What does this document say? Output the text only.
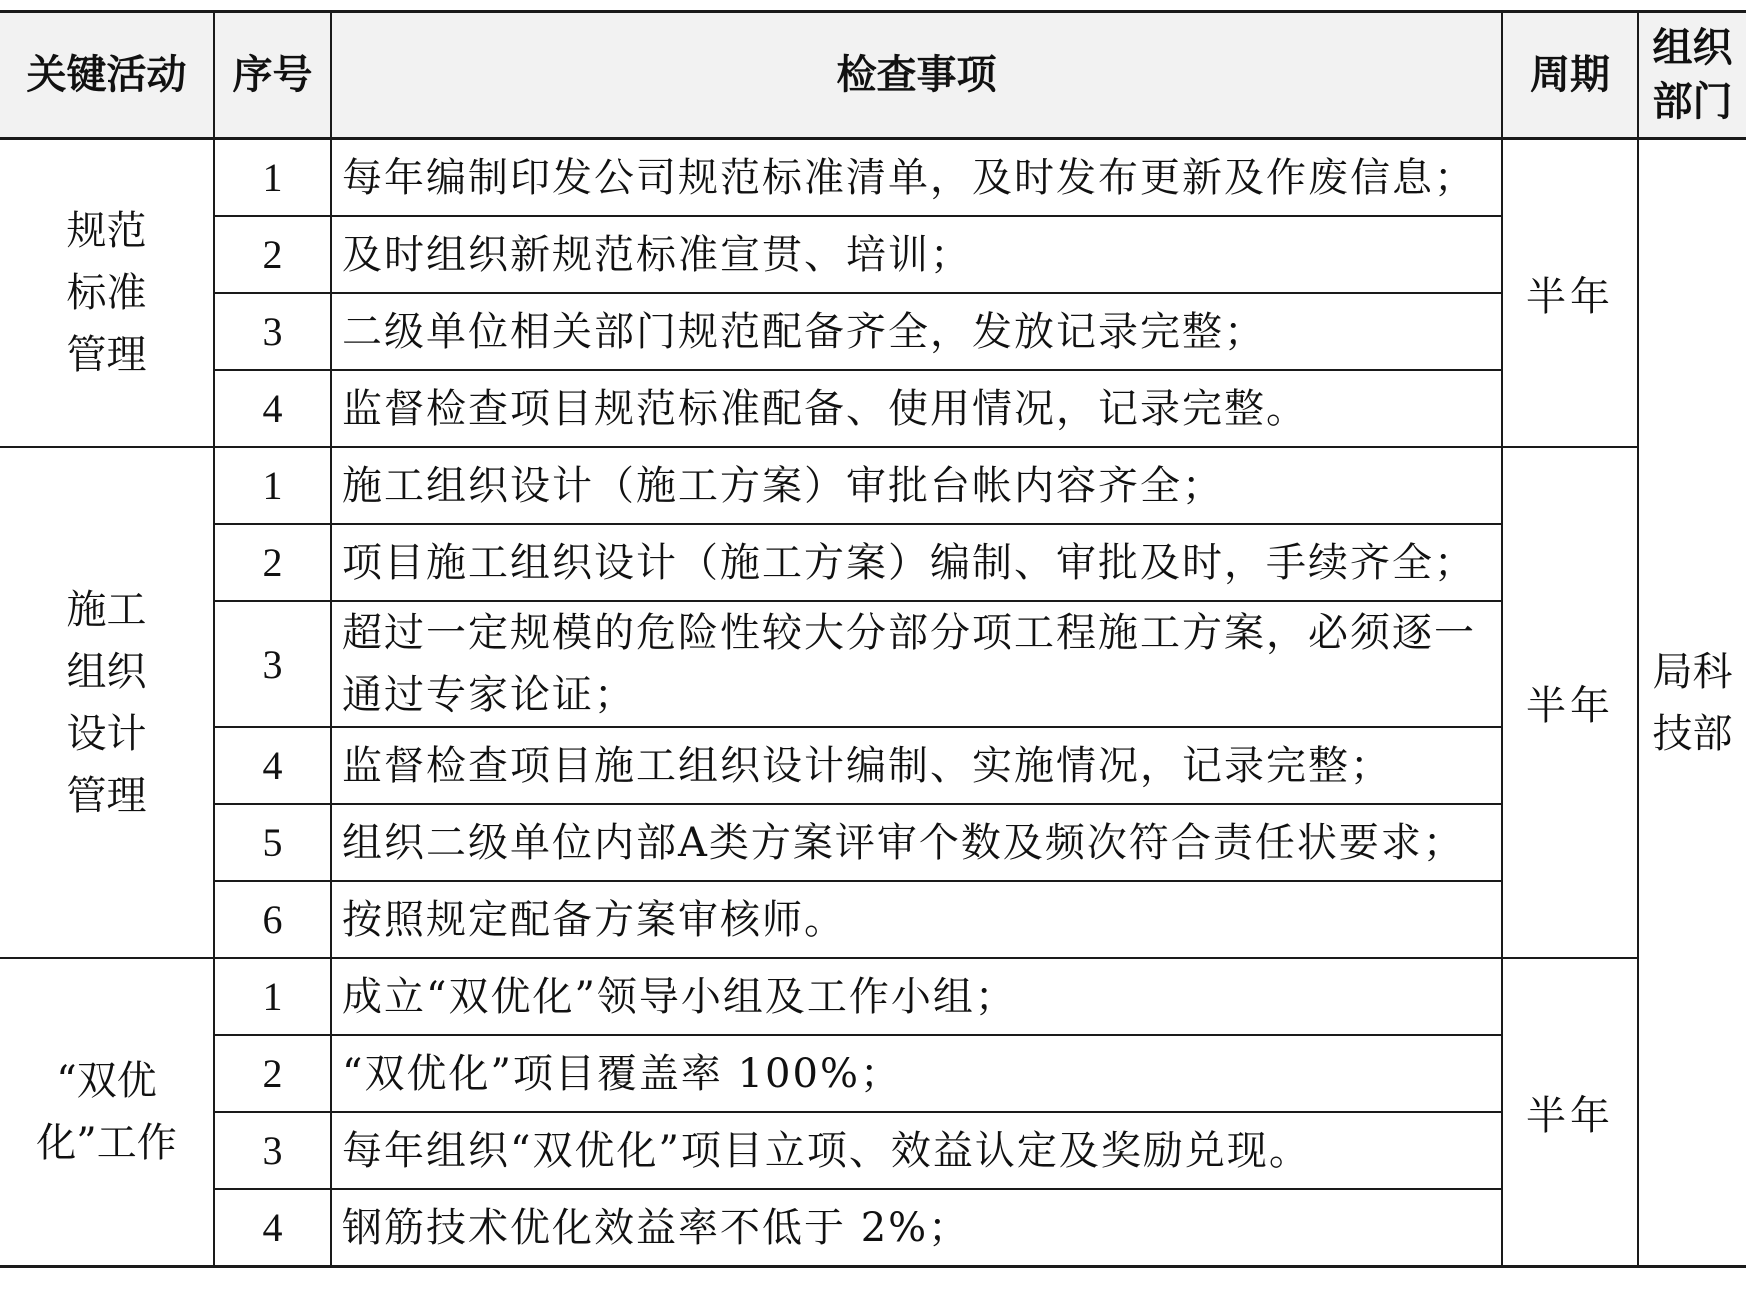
关键活动	序号	检查事项	周期	组织部门
规范标准管理	1	每年编制印发公司规范标准清单，及时发布更新及作废信息；	半年	局科技部
	2	及时组织新规范标准宣贯、培训；		
	3	二级单位相关部门规范配备齐全，发放记录完整；		
	4	监督检查项目规范标准配备、使用情况，记录完整。		
施工组织设计管理	1	施工组织设计（施工方案）审批台帐内容齐全；	半年	
	2	项目施工组织设计（施工方案）编制、审批及时，手续齐全；		
	3	超过一定规模的危险性较大分部分项工程施工方案，必须逐一通过专家论证；		
	4	监督检查项目施工组织设计编制、实施情况，记录完整；		
	5	组织二级单位内部A类方案评审个数及频次符合责任状要求；		
	6	按照规定配备方案审核师。		
“双优化”工作	1	成立“双优化”领导小组及工作小组；	半年	
	2	“双优化”项目覆盖率 100%；		
	3	每年组织“双优化”项目立项、效益认定及奖励兑现。		
	4	钢筋技术优化效益率不低于 2%；		
